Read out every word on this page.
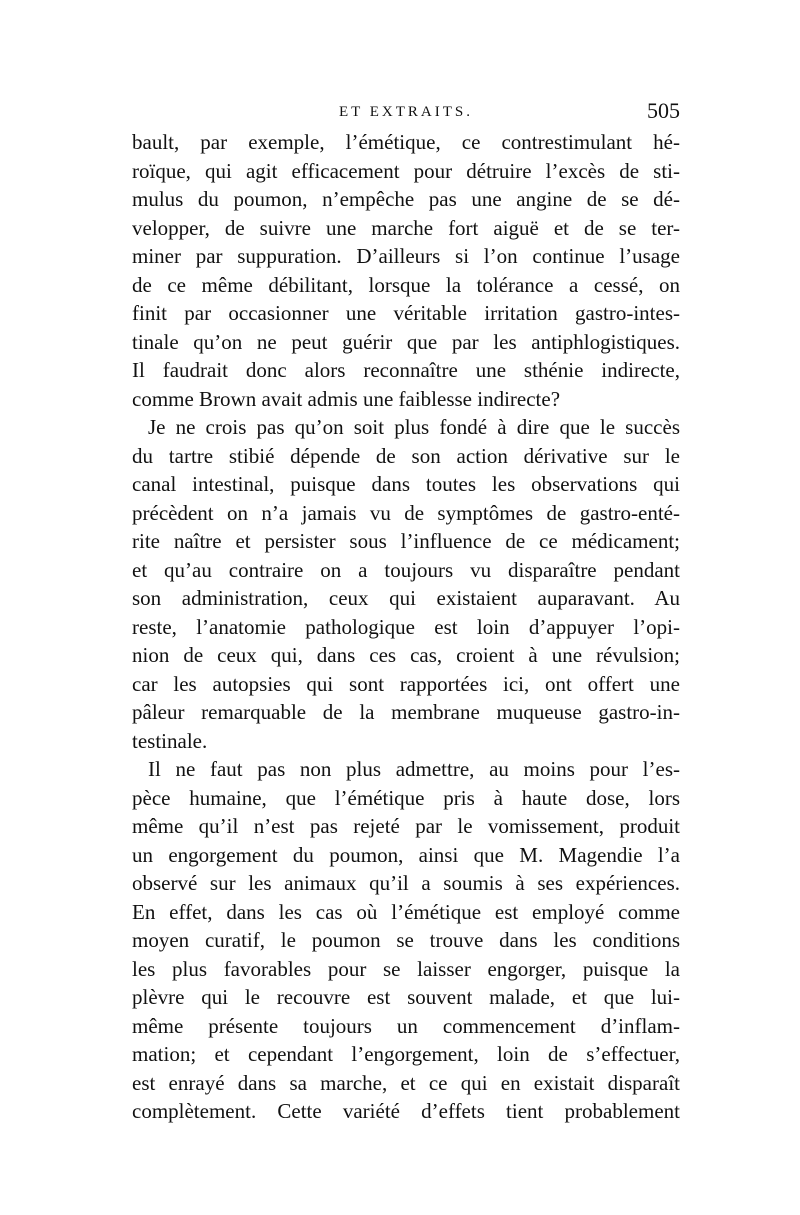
ET EXTRAITS.	505
bault, par exemple, l’émétique, ce contrestimulant hé-
roïque, qui agit efficacement pour détruire l’excès de sti-
mulus du poumon, n’empêche pas une angine de se dé-
velopper, de suivre une marche fort aiguë et de se ter-
miner par suppuration. D’ailleurs si l’on continue l’usage
de ce même débilitant, lorsque la tolérance a cessé, on
finit par occasionner une véritable irritation gastro-intes-
tinale qu’on ne peut guérir que par les antiphlogistiques.
Il faudrait donc alors reconnaître une sthénie indirecte,
comme Brown avait admis une faiblesse indirecte?
Je ne crois pas qu’on soit plus fondé à dire que le succès
du tartre stibié dépende de son action dérivative sur le
canal intestinal, puisque dans toutes les observations qui
précèdent on n’a jamais vu de symptômes de gastro-enté-
rite naître et persister sous l’influence de ce médicament;
et qu’au contraire on a toujours vu disparaître pendant
son administration, ceux qui existaient auparavant. Au
reste, l’anatomie pathologique est loin d’appuyer l’opi-
nion de ceux qui, dans ces cas, croient à une révulsion;
car les autopsies qui sont rapportées ici, ont offert une
pâleur remarquable de la membrane muqueuse gastro-in-
testinale.
Il ne faut pas non plus admettre, au moins pour l’es-
pèce humaine, que l’émétique pris à haute dose, lors
même qu’il n’est pas rejeté par le vomissement, produit
un engorgement du poumon, ainsi que M. Magendie l’a
observé sur les animaux qu’il a soumis à ses expériences.
En effet, dans les cas où l’émétique est employé comme
moyen curatif, le poumon se trouve dans les conditions
les plus favorables pour se laisser engorger, puisque la
plèvre qui le recouvre est souvent malade, et que lui-
même présente toujours un commencement d’inflam-
mation; et cependant l’engorgement, loin de s’effectuer,
est enrayé dans sa marche, et ce qui en existait disparaît
complètement. Cette variété d’effets tient probablement
